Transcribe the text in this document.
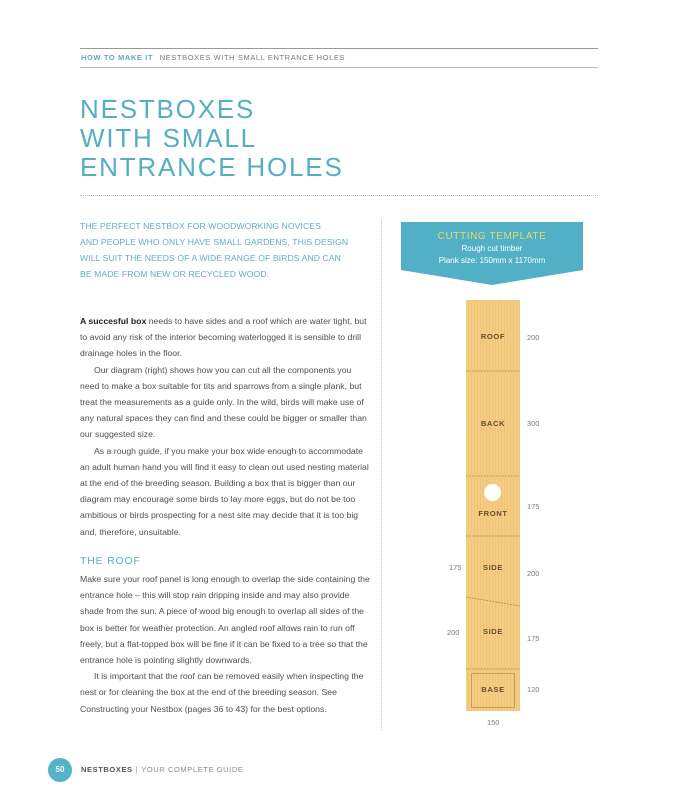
HOW TO MAKE IT NESTBOXES WITH SMALL ENTRANCE HOLES
NESTBOXES
WITH SMALL
ENTRANCE HOLES
THE PERFECT NESTBOX FOR WOODWORKING NOVICES
AND PEOPLE WHO ONLY HAVE SMALL GARDENS, THIS DESIGN
WILL SUIT THE NEEDS OF A WIDE RANGE OF BIRDS AND CAN
BE MADE FROM NEW OR RECYCLED WOOD.

A succesful box needs to have sides and a roof which are water tight, but to avoid any risk of the interior becoming waterlogged it is sensible to drill drainage holes in the floor.

Our diagram (right) shows how you can cut all the components you need to make a box suitable for tits and sparrows from a single plank, but treat the measurements as a guide only. In the wild, birds will make use of any natural spaces they can find and these could be bigger or smaller than our suggested size.

As a rough guide, if you make your box wide enough to accommodate an adult human hand you will find it easy to clean out used nesting material at the end of the breeding season. Building a box that is bigger than our diagram may encourage some birds to lay more eggs, but do not be too ambitious or birds prospecting for a nest site may decide that it is too big and, therefore, unsuitable.

THE ROOF

Make sure your roof panel is long enough to overlap the side containing the entrance hole – this will stop rain dripping inside and may also provide shade from the sun. A piece of wood big enough to overlap all sides of the box is better for weather protection. An angled roof allows rain to run off freely, but a flat-topped box will be fine if it can be fixed to a tree so that the entrance hole is pointing slightly downwards.

It is important that the roof can be removed easily when inspecting the nest or for cleaning the box at the end of the breeding season. See Constructing your Nestbox (pages 36 to 43) for the best options.

CUTTING TEMPLATE
Rough cut timber
Plank size: 150mm x 1170mm
ROOF
BACK
FRONT
SIDE
SIDE
BASE
200
300
175
175
200
200
175
120
150
50	NESTBOXES | YOUR COMPLETE GUIDE
